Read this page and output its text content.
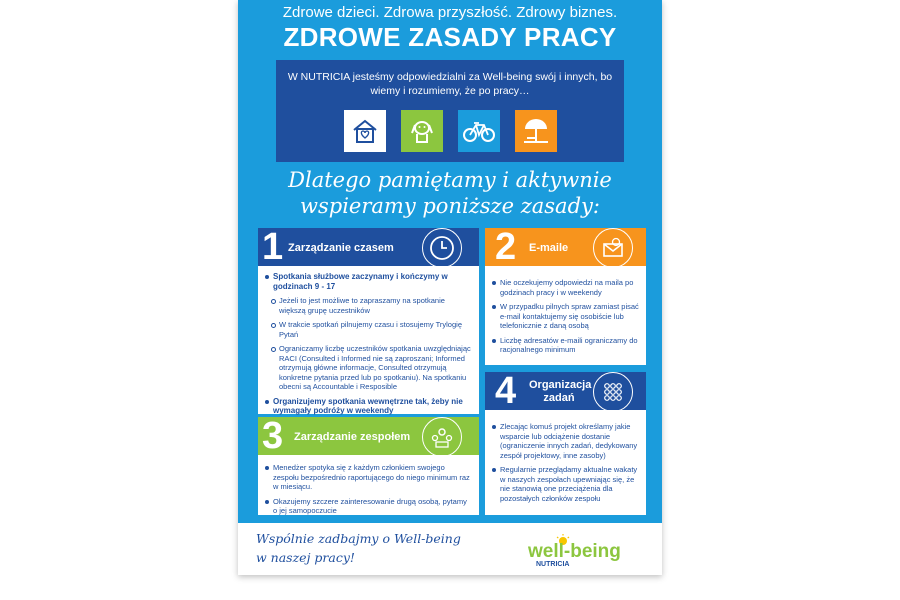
Zdrowe dzieci. Zdrowa przyszłość. Zdrowy biznes.
ZDROWE ZASADY PRACY
W NUTRICIA jesteśmy odpowiedzialni za Well-being swój i innych, bo wiemy i rozumiemy, że po pracy…
Dlatego pamiętamy i aktywnie
wspieramy poniższe zasady:
1 Zarządzanie czasem
Spotkania służbowe zaczynamy i kończymy w godzinach 9 - 17
Jeżeli to jest możliwe to zapraszamy na spotkanie większą grupę uczestników
W trakcie spotkań pilnujemy czasu i stosujemy Trylogię Pytań
Ograniczamy liczbę uczestników spotkania uwzględniając RACI (Consulted i Informed nie są zaproszani; Informed otrzymują główne informacje, Consulted otrzymują konkretne pytania przed lub po spotkaniu). Na spotkaniu obecni są Accountable i Resposible
Organizujemy spotkania wewnętrzne tak, żeby nie wymagały podróży w weekendy
2 E-maile
Nie oczekujemy odpowiedzi na maila po godzinach pracy i w weekendy
W przypadku pilnych spraw zamiast pisać e-mail kontaktujemy się osobiście lub telefonicznie z daną osobą
Liczbę adresatów e-maili ograniczamy do racjonalnego minimum
3 Zarządzanie zespołem
Menedżer spotyka się z każdym członkiem swojego zespołu bezpośrednio raportującego do niego minimum raz w miesiącu.
Okazujemy szczere zainteresowanie drugą osobą, pytamy o jej samopoczucie
4 Organizacja zadań
Zlecając komuś projekt określamy jakie wsparcie lub odciążenie dostanie (ograniczenie innych zadań, dedykowany zespół projektowy, inne zasoby)
Regularnie przeglądamy aktualne wakaty w naszych zespołach upewniając się, że nie stanowią one przeciążenia dla pozostałych członków zespołu
Wspólnie zadbajmy o Well-being
w naszej pracy!	well-being
NUTRICIA
